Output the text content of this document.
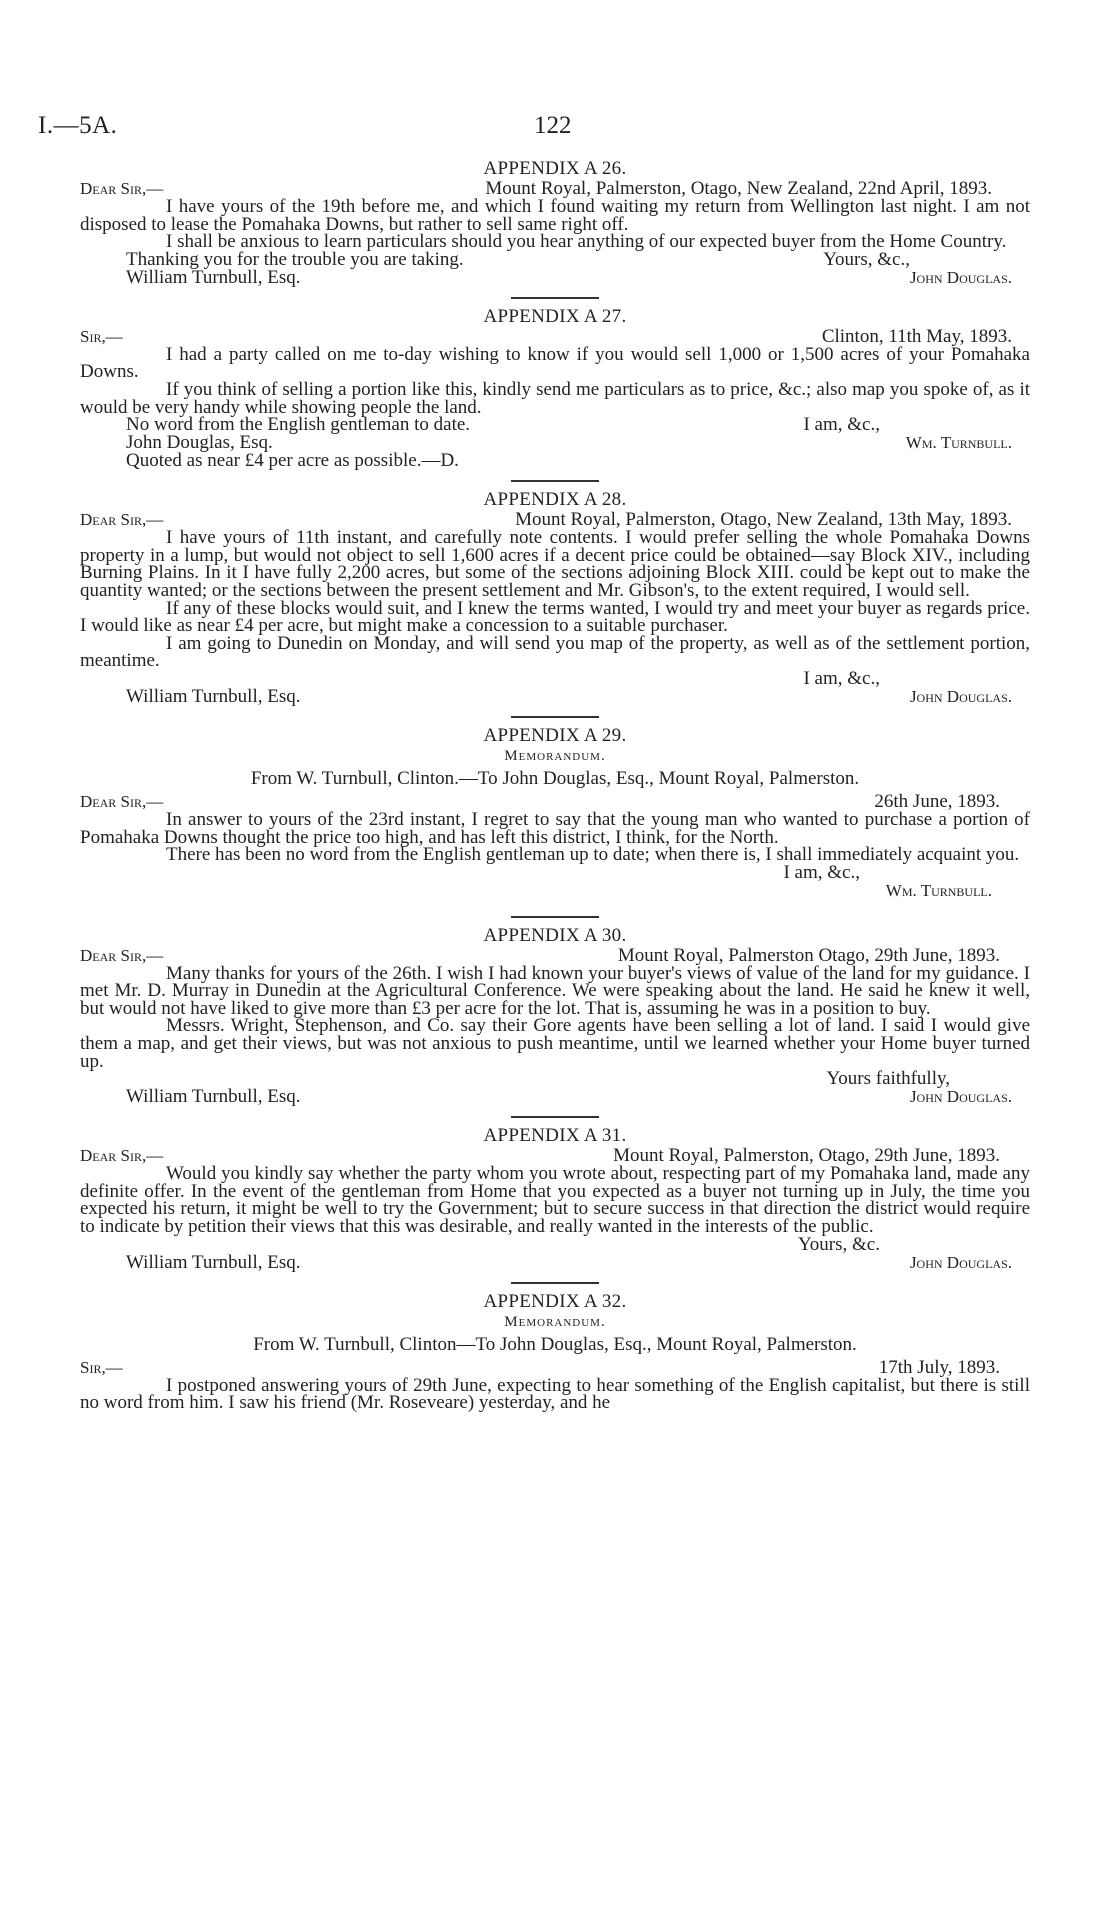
I.—5A.	122
APPENDIX A 26.
Dear Sir,—	Mount Royal, Palmerston, Otago, New Zealand, 22nd April, 1893.

I have yours of the 19th before me, and which I found waiting my return from Wellington last night. I am not disposed to lease the Pomahaka Downs, but rather to sell same right off.

I shall be anxious to learn particulars should you hear anything of our expected buyer from the Home Country.

Thanking you for the trouble you are taking.	Yours, &c.,
William Turnbull, Esq.	John Douglas.
APPENDIX A 27.
Sir,—	Clinton, 11th May, 1893.

I had a party called on me to-day wishing to know if you would sell 1,000 or 1,500 acres of your Pomahaka Downs.

If you think of selling a portion like this, kindly send me particulars as to price, &c.; also map you spoke of, as it would be very handy while showing people the land.

No word from the English gentleman to date.	I am, &c.,
John Douglas, Esq.	Wm. Turnbull.
Quoted as near £4 per acre as possible.—D.
APPENDIX A 28.
Dear Sir,—	Mount Royal, Palmerston, Otago, New Zealand, 13th May, 1893.

I have yours of 11th instant, and carefully note contents. I would prefer selling the whole Pomahaka Downs property in a lump, but would not object to sell 1,600 acres if a decent price could be obtained—say Block XIV., including Burning Plains. In it I have fully 2,200 acres, but some of the sections adjoining Block XIII. could be kept out to make the quantity wanted; or the sections between the present settlement and Mr. Gibson's, to the extent required, I would sell.

If any of these blocks would suit, and I knew the terms wanted, I would try and meet your buyer as regards price. I would like as near £4 per acre, but might make a concession to a suitable purchaser.

I am going to Dunedin on Monday, and will send you map of the property, as well as of the settlement portion, meantime.

I am, &c.,
William Turnbull, Esq.	John Douglas.
APPENDIX A 29.
Memorandum.
From W. Turnbull, Clinton.—To John Douglas, Esq., Mount Royal, Palmerston.
Dear Sir,—	26th June, 1893.

In answer to yours of the 23rd instant, I regret to say that the young man who wanted to purchase a portion of Pomahaka Downs thought the price too high, and has left this district, I think, for the North.

There has been no word from the English gentleman up to date; when there is, I shall immediately acquaint you.

I am, &c.,
Wm. Turnbull.
APPENDIX A 30.
Dear Sir,—	Mount Royal, Palmerston Otago, 29th June, 1893.

Many thanks for yours of the 26th. I wish I had known your buyer's views of value of the land for my guidance. I met Mr. D. Murray in Dunedin at the Agricultural Conference. We were speaking about the land. He said he knew it well, but would not have liked to give more than £3 per acre for the lot. That is, assuming he was in a position to buy.

Messrs. Wright, Stephenson, and Co. say their Gore agents have been selling a lot of land. I said I would give them a map, and get their views, but was not anxious to push meantime, until we learned whether your Home buyer turned up.

Yours faithfully,
William Turnbull, Esq.	John Douglas.
APPENDIX A 31.
Dear Sir,—	Mount Royal, Palmerston, Otago, 29th June, 1893.

Would you kindly say whether the party whom you wrote about, respecting part of my Pomahaka land, made any definite offer. In the event of the gentleman from Home that you expected as a buyer not turning up in July, the time you expected his return, it might be well to try the Government; but to secure success in that direction the district would require to indicate by petition their views that this was desirable, and really wanted in the interests of the public.

Yours, &c.
William Turnbull, Esq.	John Douglas.
APPENDIX A 32.
Memorandum.
From W. Turnbull, Clinton—To John Douglas, Esq., Mount Royal, Palmerston.
Sir,—	17th July, 1893.

I postponed answering yours of 29th June, expecting to hear something of the English capitalist, but there is still no word from him. I saw his friend (Mr. Roseveare) yesterday, and he
